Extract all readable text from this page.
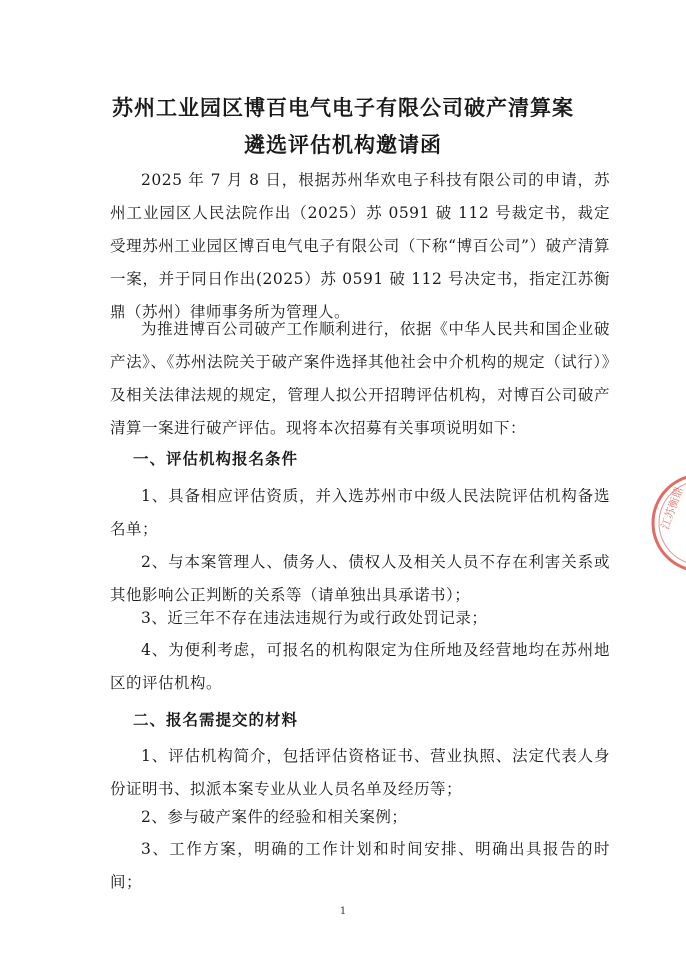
苏州工业园区博百电气电子有限公司破产清算案
遴选评估机构邀请函

2025 年 7 月 8 日，根据苏州华欢电子科技有限公司的申请，苏州工业园区人民法院作出（2025）苏 0591 破 112 号裁定书，裁定受理苏州工业园区博百电气电子有限公司（下称“博百公司”）破产清算一案，并于同日作出(2025）苏 0591 破 112 号决定书，指定江苏衡鼎（苏州）律师事务所为管理人。

为推进博百公司破产工作顺利进行，依据《中华人民共和国企业破产法》、《苏州法院关于破产案件选择其他社会中介机构的规定（试行）》及相关法律法规的规定，管理人拟公开招聘评估机构，对博百公司破产清算一案进行破产评估。现将本次招募有关事项说明如下：

一、评估机构报名条件

1、具备相应评估资质，并入选苏州市中级人民法院评估机构备选名单；

2、与本案管理人、债务人、债权人及相关人员不存在利害关系或其他影响公正判断的关系等（请单独出具承诺书）；

3、近三年不存在违法违规行为或行政处罚记录；

4、为便利考虑，可报名的机构限定为住所地及经营地均在苏州地区的评估机构。

二、报名需提交的材料

1、评估机构简介，包括评估资格证书、营业执照、法定代表人身份证明书、拟派本案专业从业人员名单及经历等；

2、参与破产案件的经验和相关案例；

3、工作方案，明确的工作计划和时间安排、明确出具报告的时间；

1
江苏衡鼎
